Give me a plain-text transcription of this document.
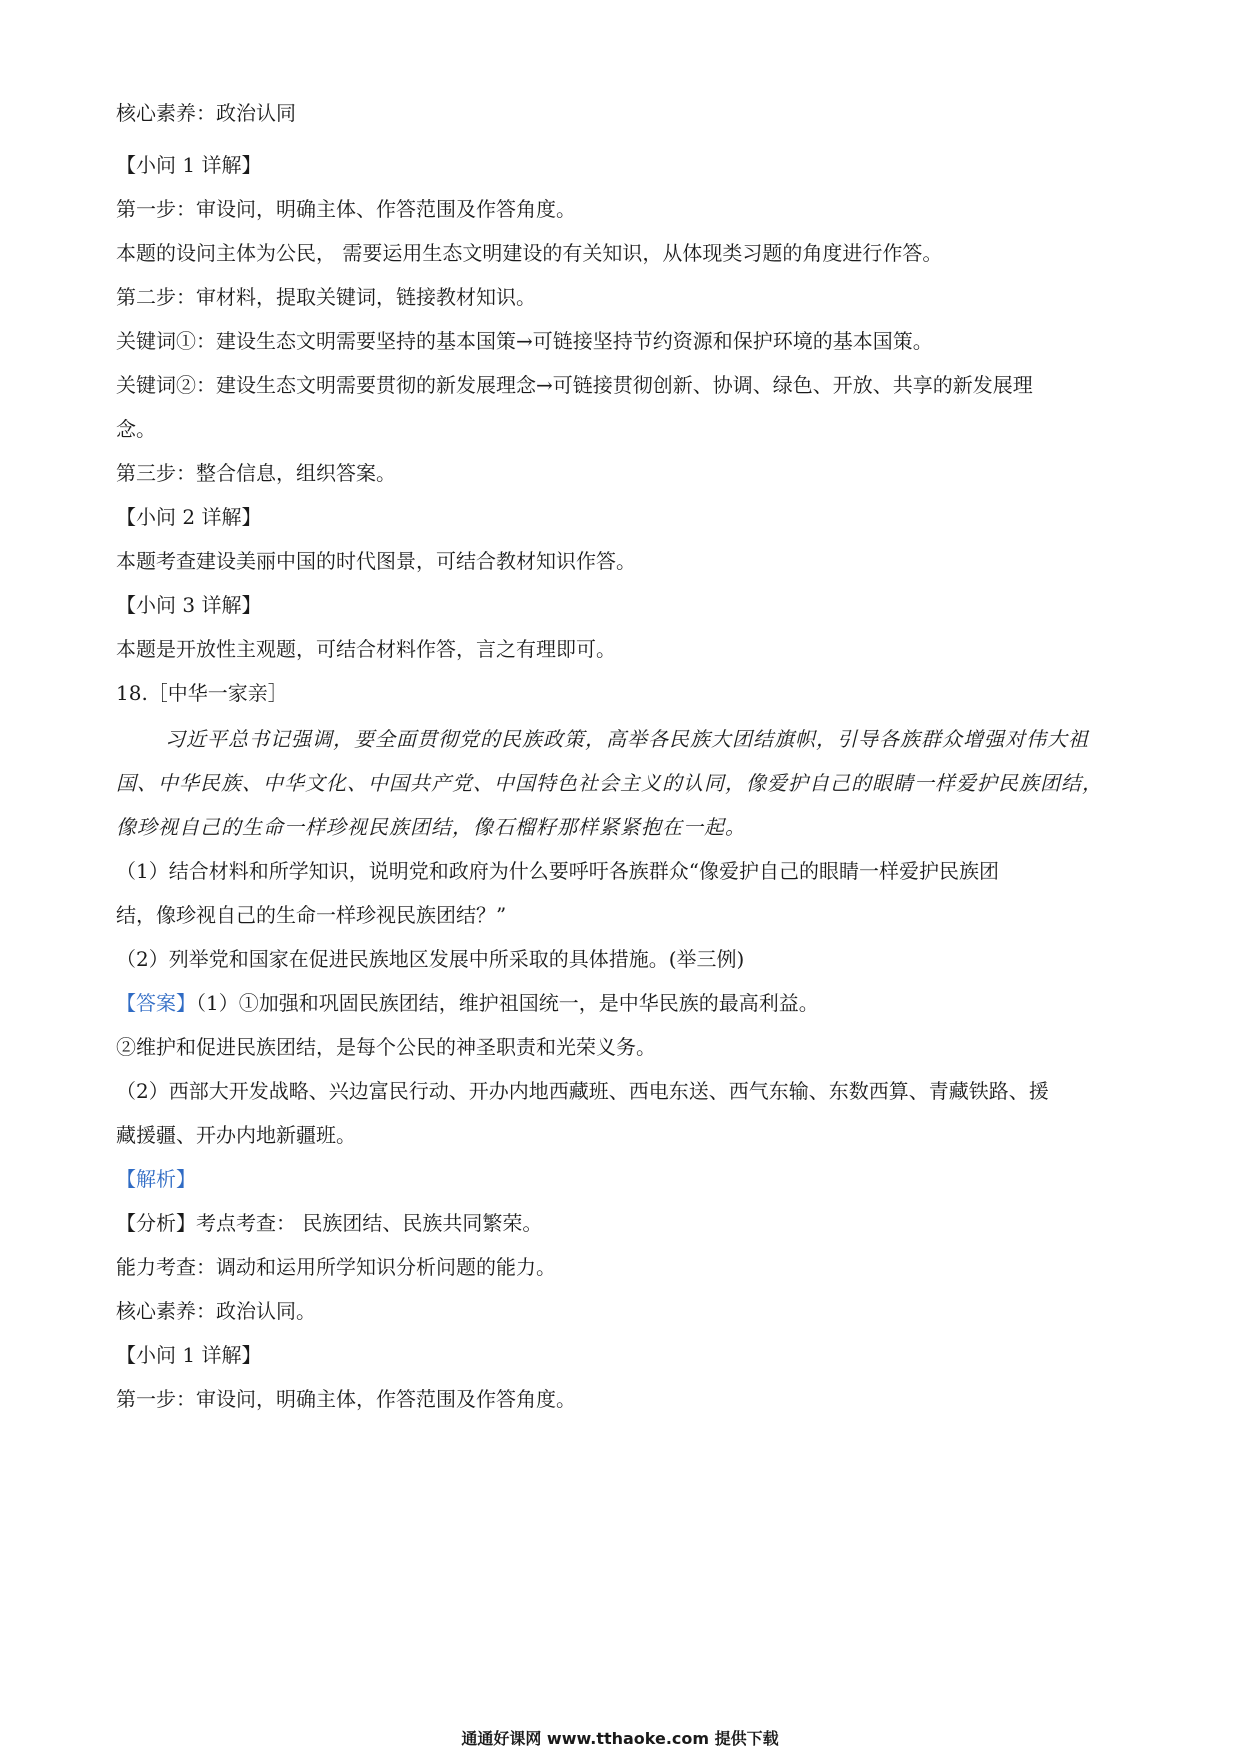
核心素养：政治认同
【小问 1 详解】
第一步：审设问，明确主体、作答范围及作答角度。
本题的设问主体为公民， 需要运用生态文明建设的有关知识，从体现类习题的角度进行作答。
第二步：审材料，提取关键词，链接教材知识。
关键词①：建设生态文明需要坚持的基本国策→可链接坚持节约资源和保护环境的基本国策。
关键词②：建设生态文明需要贯彻的新发展理念→可链接贯彻创新、协调、绿色、开放、共享的新发展理
念。
第三步：整合信息，组织答案。
【小问 2 详解】
本题考查建设美丽中国的时代图景，可结合教材知识作答。
【小问 3 详解】
本题是开放性主观题，可结合材料作答，言之有理即可。
18.［中华一家亲］
习近平总书记强调，要全面贯彻党的民族政策，高举各民族大团结旗帜，引导各族群众增强对伟大祖
国、中华民族、中华文化、中国共产党、中国特色社会主义的认同，像爱护自己的眼睛一样爱护民族团结，
像珍视自己的生命一样珍视民族团结，像石榴籽那样紧紧抱在一起。
（1）结合材料和所学知识，说明党和政府为什么要呼吁各族群众“像爱护自己的眼睛一样爱护民族团
结，像珍视自己的生命一样珍视民族团结？”
（2）列举党和国家在促进民族地区发展中所采取的具体措施。(举三例)
【答案】（1）①加强和巩固民族团结，维护祖国统一，是中华民族的最高利益。
②维护和促进民族团结，是每个公民的神圣职责和光荣义务。
（2）西部大开发战略、兴边富民行动、开办内地西藏班、西电东送、西气东输、东数西算、青藏铁路、援
藏援疆、开办内地新疆班。
【解析】
【分析】考点考查： 民族团结、民族共同繁荣。
能力考查：调动和运用所学知识分析问题的能力。
核心素养：政治认同。
【小问 1 详解】
第一步：审设问，明确主体，作答范围及作答角度。
通通好课网 www.tthaoke.com 提供下载
